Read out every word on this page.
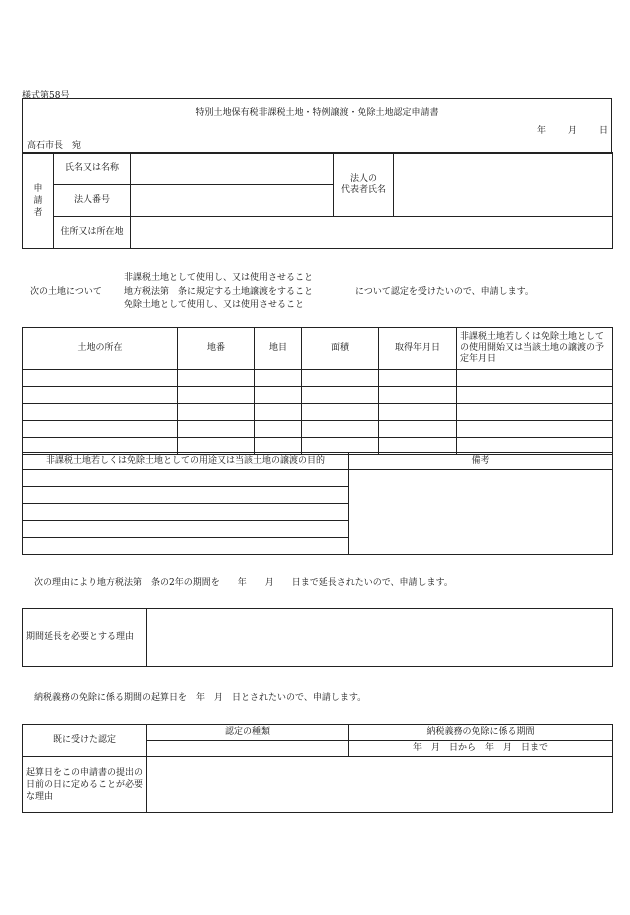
様式第58号
特別土地保有税非課税土地・特例譲渡・免除土地認定申請書
年 月 日
高石市長　宛
申請者	氏名又は名称		法人の
代表者氏名	

	法人番号			
	住所又は所在地			
非課税土地として使用し、又は使用させること
次の土地について 地方税法第　条に規定する土地譲渡をすること	について認定を受けたいので、申請します。
免除土地として使用し、又は使用させること
土地の所在	地番	地目	面積	取得年月日	非課税土地若しくは免除土地としての使用開始又は当該土地の譲渡の予定年月日

非課税土地若しくは免除土地としての用途又は当該土地の譲渡の目的	備考

次の理由により地方税法第　条の2年の期間を　　年　　月　　日まで延長されたいので、申請します。
期間延長を必要とする理由	
納税義務の免除に係る期間の起算日を　年　月　日とされたいので、申請します。
既に受けた認定	認定の種類	納税義務の免除に係る期間
		年　月　日から　年　月　日まで
起算日をこの申請書の提出の日前の日に定めることが必要な理由		
